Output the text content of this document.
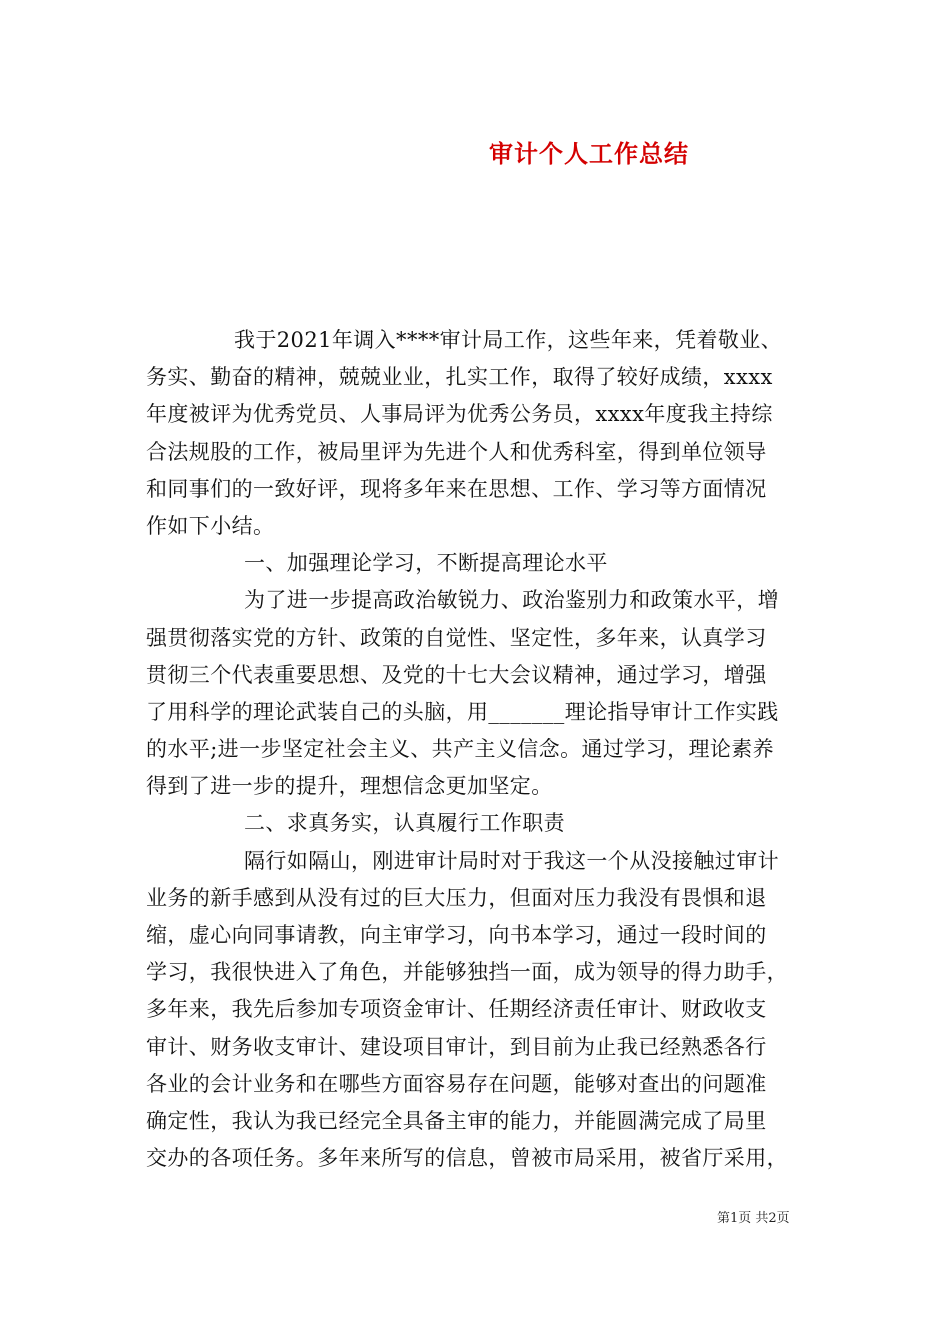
审计个人工作总结
我于2021年调入****审计局工作，这些年来，凭着敬业、
务实、勤奋的精神，兢兢业业，扎实工作，取得了较好成绩，xxxx
年度被评为优秀党员、人事局评为优秀公务员，xxxx年度我主持综
合法规股的工作，被局里评为先进个人和优秀科室，得到单位领导
和同事们的一致好评，现将多年来在思想、工作、学习等方面情况
作如下小结。
一、加强理论学习，不断提高理论水平
为了进一步提高政治敏锐力、政治鉴别力和政策水平，增
强贯彻落实党的方针、政策的自觉性、坚定性，多年来，认真学习
贯彻三个代表重要思想、及党的十七大会议精神，通过学习，增强
了用科学的理论武装自己的头脑，用_______理论指导审计工作实践
的水平;进一步坚定社会主义、共产主义信念。通过学习，理论素养
得到了进一步的提升，理想信念更加坚定。
二、求真务实，认真履行工作职责
隔行如隔山，刚进审计局时对于我这一个从没接触过审计
业务的新手感到从没有过的巨大压力，但面对压力我没有畏惧和退
缩，虚心向同事请教，向主审学习，向书本学习，通过一段时间的
学习，我很快进入了角色，并能够独挡一面，成为领导的得力助手，
多年来，我先后参加专项资金审计、任期经济责任审计、财政收支
审计、财务收支审计、建设项目审计，到目前为止我已经熟悉各行
各业的会计业务和在哪些方面容易存在问题，能够对查出的问题准
确定性，我认为我已经完全具备主审的能力，并能圆满完成了局里
交办的各项任务。多年来所写的信息，曾被市局采用，被省厅采用，
第1页 共2页
